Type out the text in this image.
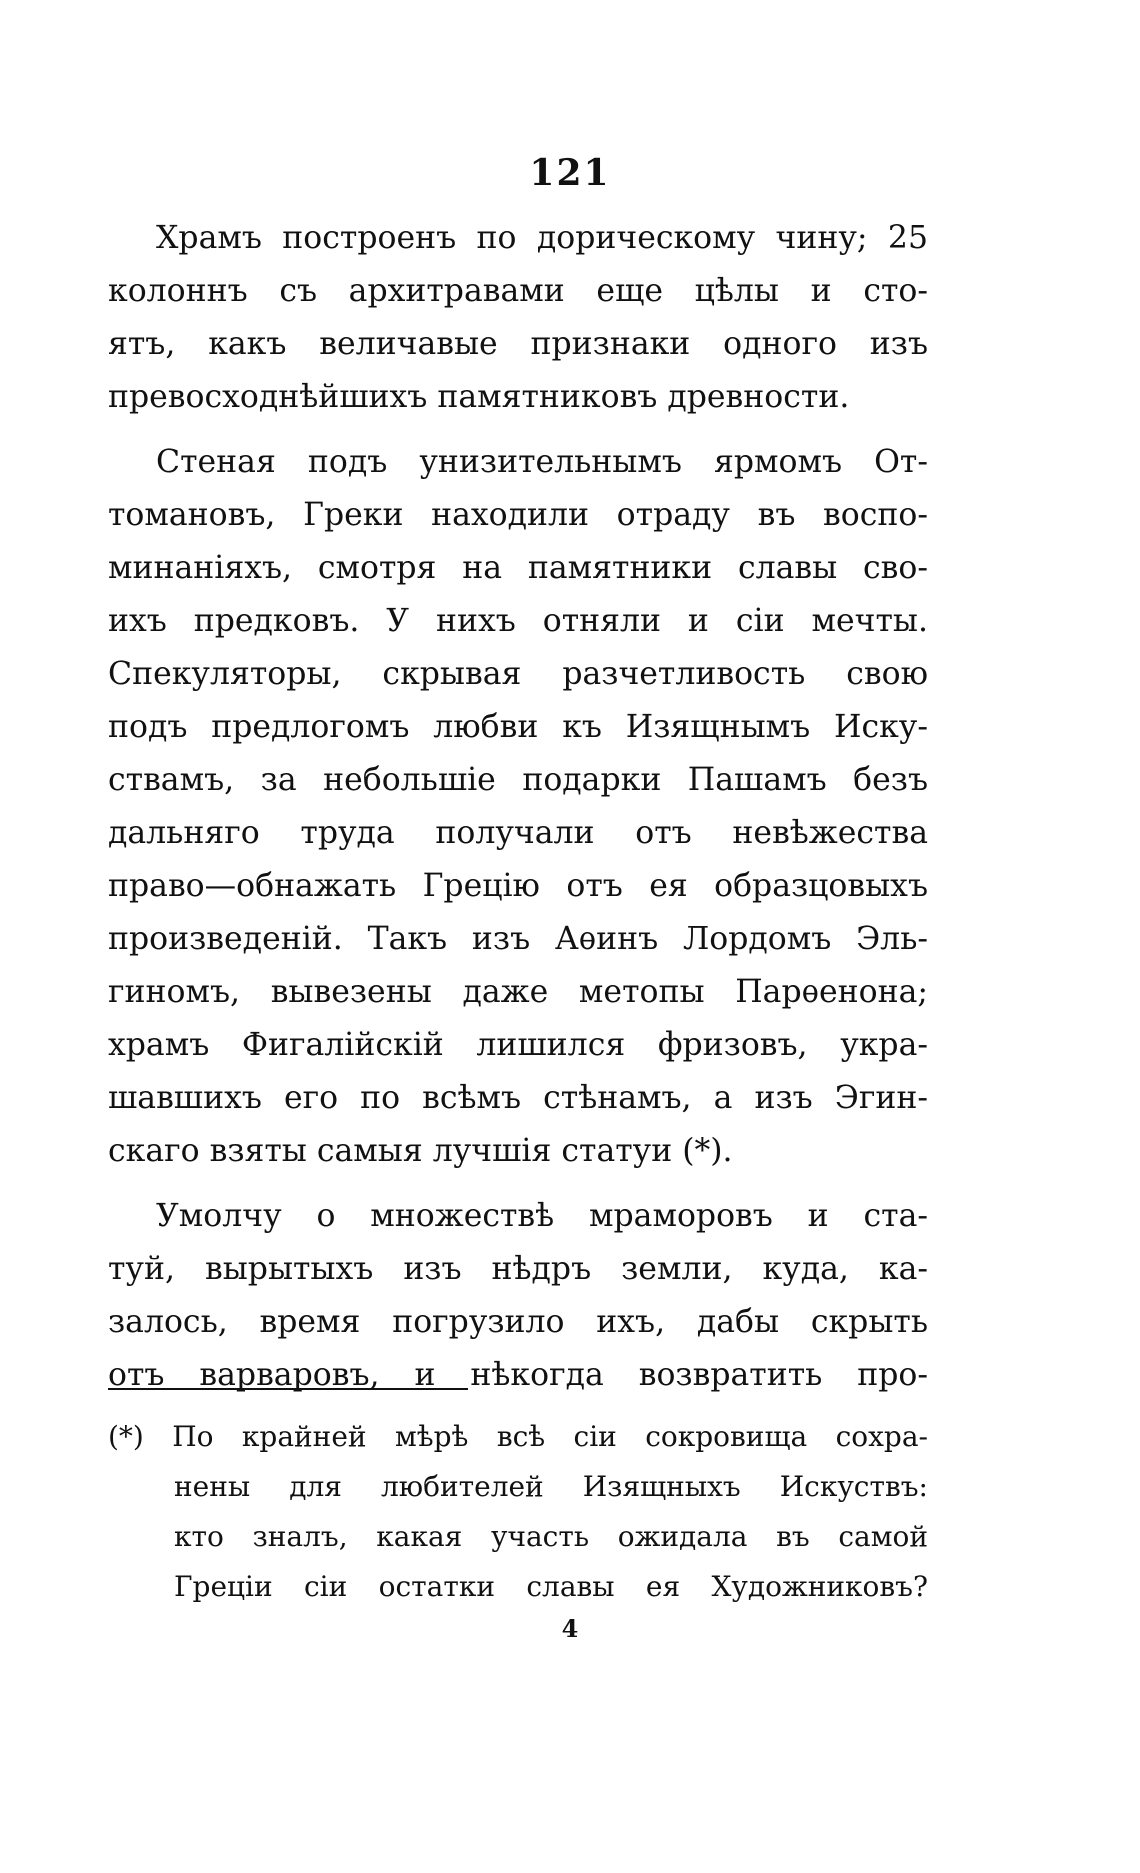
121
Храмъ построенъ по дорическому чину; 25
колоннъ съ архитравами еще цѣлы и сто-
ятъ, какъ величавые признаки одного изъ
превосходнѣйшихъ памятниковъ древности.
Стеная подъ унизительнымъ ярмомъ От-
томановъ, Греки находили отраду въ воспо-
минаніяхъ, смотря на памятники славы сво-
ихъ предковъ. У нихъ отняли и сіи мечты.
Спекуляторы, скрывая разчетливость свою
подъ предлогомъ любви къ Изящнымъ Иску-
ствамъ, за небольшіе подарки Пашамъ безъ
дальняго труда получали отъ невѣжества
право—обнажать Грецію отъ ея образцовыхъ
произведеній. Такъ изъ Аѳинъ Лордомъ Эль-
гиномъ, вывезены даже метопы Парѳенона;
храмъ Фигалійскій лишился фризовъ, укра-
шавшихъ его по всѣмъ стѣнамъ, а изъ Эгин-
скаго взяты самыя лучшія статуи (*).
Умолчу о множествѣ мраморовъ и ста-
туй, вырытыхъ изъ нѣдръ земли, куда, ка-
залось, время погрузило ихъ, дабы скрыть
отъ варваровъ, и нѣкогда возвратить про-
(*) По крайней мѣрѣ всѣ сіи сокровища сохра-
нены для любителей Изящныхъ Искуствъ:
кто зналъ, какая участь ожидала въ самой
Греціи сіи остатки славы ея Художниковъ?
4
